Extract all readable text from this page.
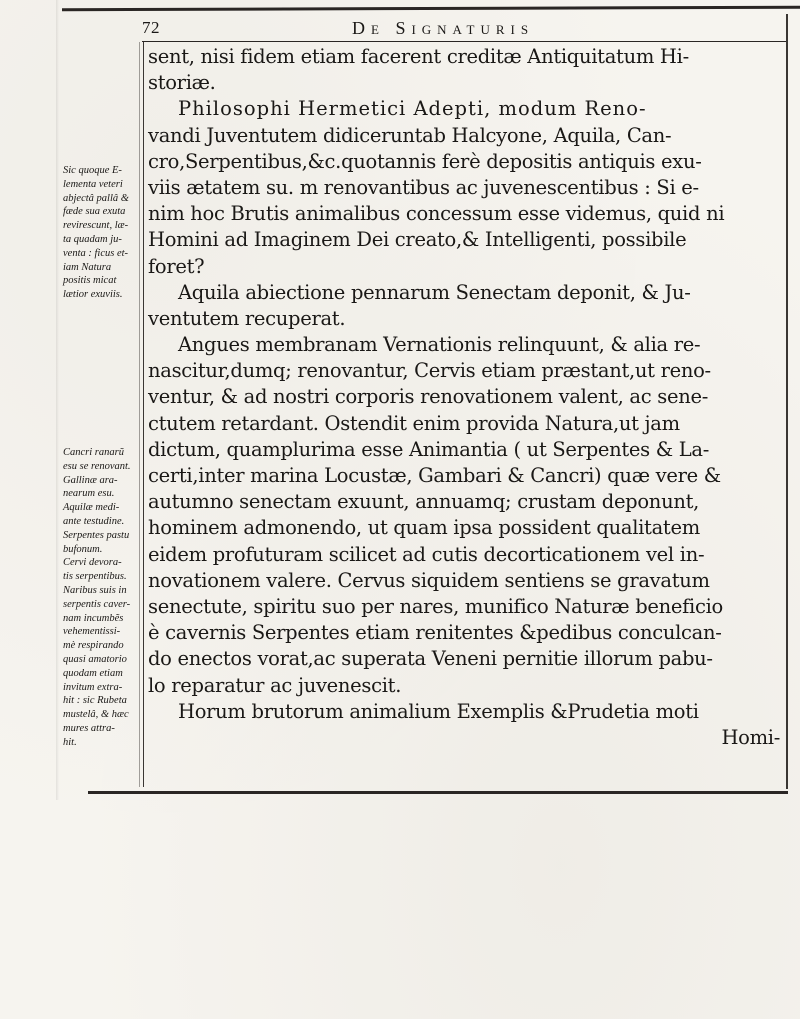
72	De Signaturis
sent, nisi fidem etiam facerent creditæ Antiquitatum Hi-
storiæ.
Philosophi Hermetici Adepti, modum Reno-
vandi Juventutem didiceruntab Halcyone, Aquila, Can-
cro,Serpentibus,&c.quotannis ferè depositis antiquis exu-
viis ætatem su. m renovantibus ac juvenescentibus : Si e-
nim hoc Brutis animalibus concessum esse videmus, quid ni
Homini ad Imaginem Dei creato,& Intelligenti, possibile
foret?
Aquila abiectione pennarum Senectam deponit, & Ju-
ventutem recuperat.
Angues membranam Vernationis relinquunt, & alia re-
nascitur,dumq; renovantur, Cervis etiam præstant,ut reno-
ventur, & ad nostri corporis renovationem valent, ac sene-
ctutem retardant. Ostendit enim provida Natura,ut jam
dictum, quamplurima esse Animantia ( ut Serpentes & La-
certi,inter marina Locustæ, Gambari & Cancri) quæ vere &
autumno senectam exuunt, annuamq; crustam deponunt,
hominem admonendo, ut quam ipsa possident qualitatem
eidem profuturam scilicet ad cutis decorticationem vel in-
novationem valere. Cervus siquidem sentiens se gravatum
senectute, spiritu suo per nares, munifico Naturæ beneficio
è cavernis Serpentes etiam renitentes &pedibus conculcan-
do enectos vorat,ac superata Veneni pernitie illorum pabu-
lo reparatur ac juvenescit.
Horum brutorum animalium Exemplis &Prudetia moti
Homi-
Sic quoque E-
lementa veteri
abjectâ pallâ &
fæde sua exuta
revirescunt, læ-
ta quadam ju-
venta : ficus et-
iam Natura
positis micat
lætior exuviis.
Cancri ranarũ
esu se renovant.
Gallinæ ara-
nearum esu.
Aquilæ medi-
ante testudine.
Serpentes pastu
bufonum.
Cervi devora-
tis serpentibus.
Naribus suis in
serpentis caver-
nam incumbẽs
vehementissi-
mè respirando
quasi amatorio
quodam etiam
invitum extra-
hit : sic Rubeta
mustelâ, & hæc
mures attra-
hit.
